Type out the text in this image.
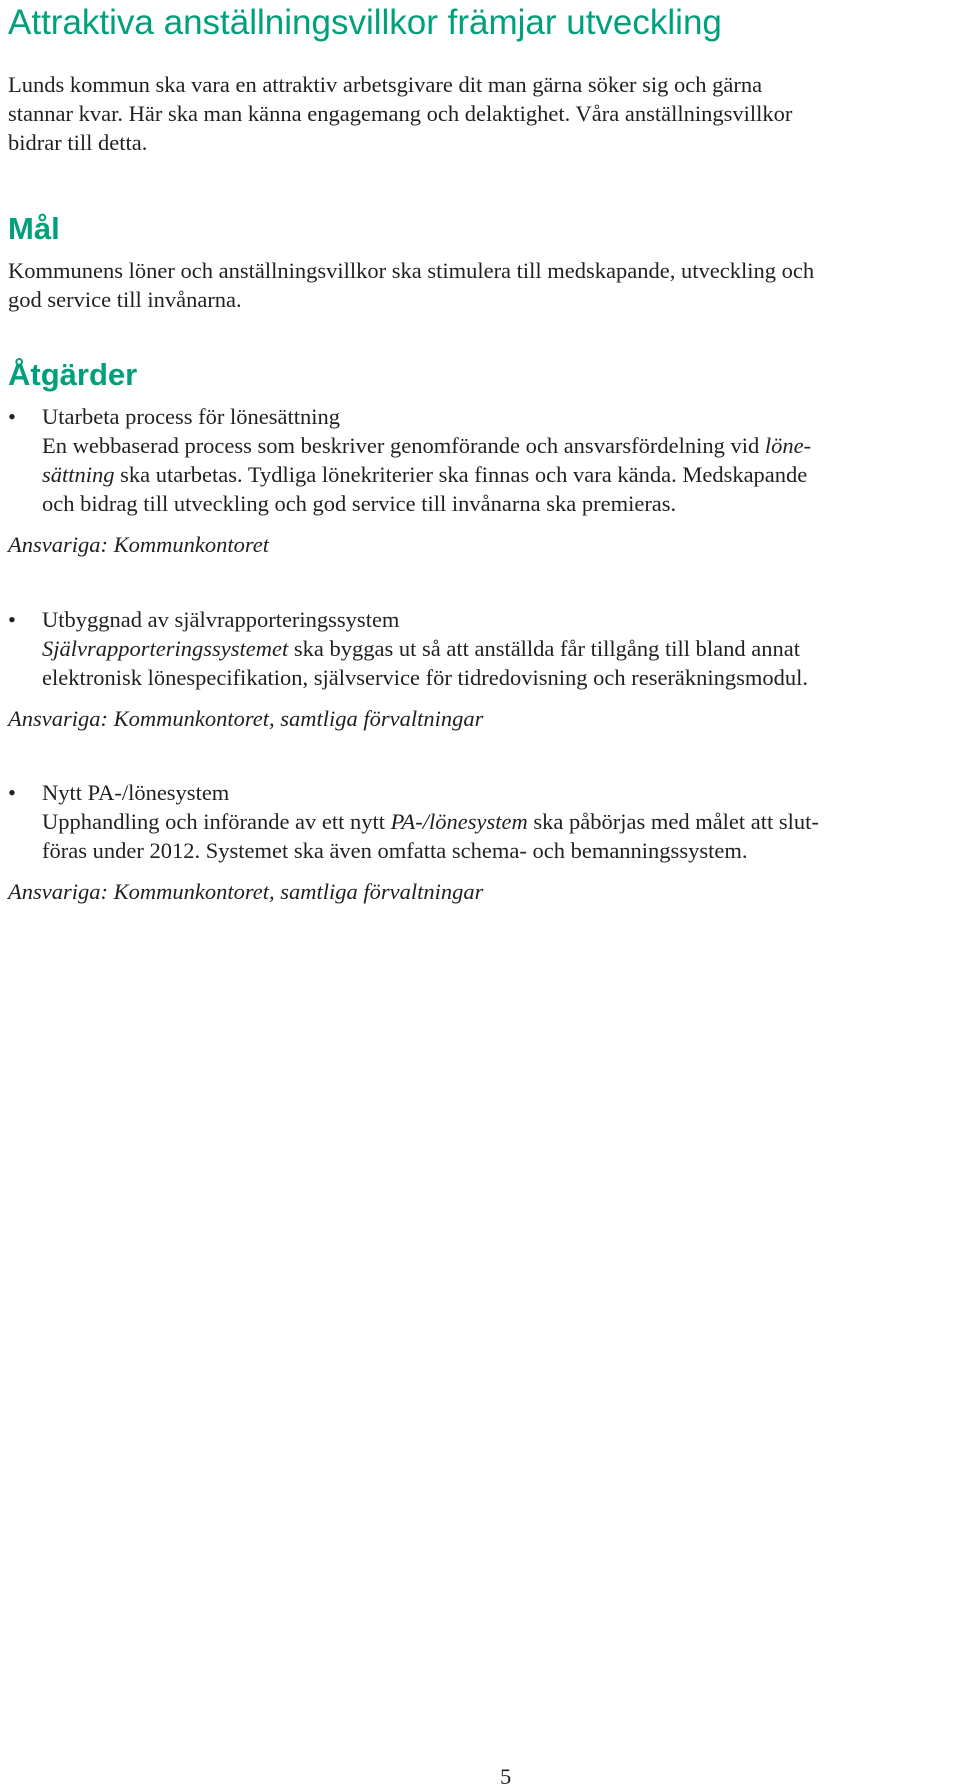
Attraktiva anställningsvillkor främjar utveckling

Lunds kommun ska vara en attraktiv arbetsgivare dit man gärna söker sig och gärna
stannar kvar. Här ska man känna engagemang och delaktighet. Våra anställningsvillkor
bidrar till detta.

Mål

Kommunens löner och anställningsvillkor ska stimulera till medskapande, utveckling och
god service till invånarna.

Åtgärder
• Utarbeta process för lönesättning
En webbaserad process som beskriver genomförande och ansvarsfördelning vid löne-
sättning ska utarbetas. Tydliga lönekriterier ska finnas och vara kända. Medskapande
och bidrag till utveckling och god service till invånarna ska premieras.

Ansvariga: Kommunkontoret

• Utbyggnad av självrapporteringssystem
Självrapporteringssystemet ska byggas ut så att anställda får tillgång till bland annat
elektronisk lönespecifikation, självservice för tidredovisning och reseräkningsmodul.

Ansvariga: Kommunkontoret, samtliga förvaltningar

• Nytt PA-/lönesystem
Upphandling och införande av ett nytt PA-/lönesystem ska påbörjas med målet att slut-
föras under 2012. Systemet ska även omfatta schema- och bemanningssystem.

Ansvariga: Kommunkontoret, samtliga förvaltningar

5
